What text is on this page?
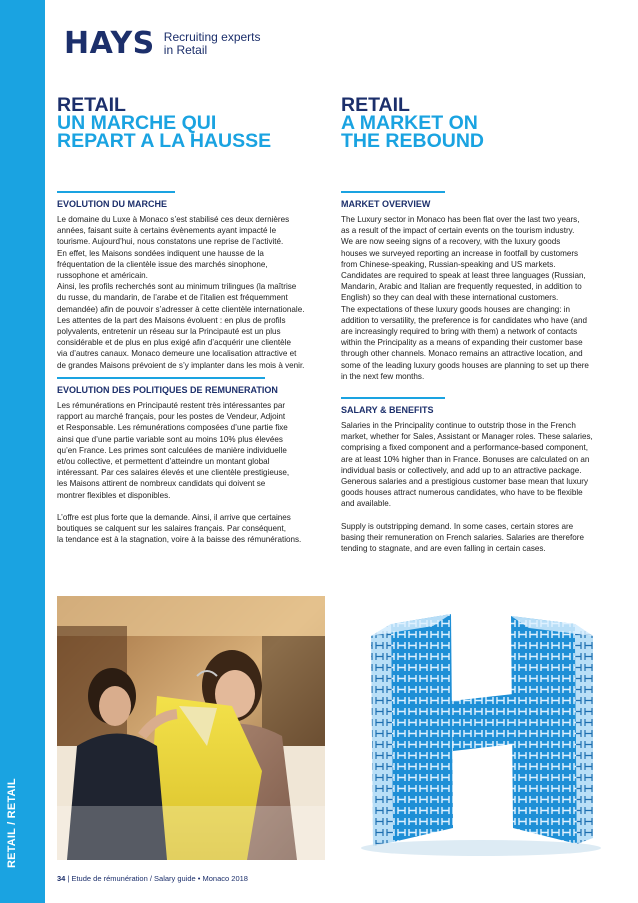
RETAIL / RETAIL
HAYS Recruiting experts
in Retail
RETAIL
UN MARCHE QUI
REPART A LA HAUSSE
EVOLUTION DU MARCHE
Le domaine du Luxe à Monaco s’est stabilisé ces deux dernières
années, faisant suite à certains évènements ayant impacté le
tourisme. Aujourd’hui, nous constatons une reprise de l’activité.
En effet, les Maisons sondées indiquent une hausse de la
fréquentation de la clientèle issue des marchés sinophone,
russophone et américain.
Ainsi, les profils recherchés sont au minimum trilingues (la maîtrise
du russe, du mandarin, de l’arabe et de l’italien est fréquemment
demandée) afin de pouvoir s’adresser à cette clientèle internationale.
Les attentes de la part des Maisons évoluent : en plus de profils
polyvalents, entretenir un réseau sur la Principauté est un plus
considérable et de plus en plus exigé afin d’acquérir une clientèle
via d’autres canaux. Monaco demeure une localisation attractive et
de grandes Maisons prévoient de s’y implanter dans les mois à venir.
EVOLUTION DES POLITIQUES DE REMUNERATION
Les rémunérations en Principauté restent très intéressantes par
rapport au marché français, pour les postes de Vendeur, Adjoint
et Responsable. Les rémunérations composées d’une partie fixe
ainsi que d’une partie variable sont au moins 10% plus élevées
qu’en France. Les primes sont calculées de manière individuelle
et/ou collective, et permettent d’atteindre un montant global
intéressant. Par ces salaires élevés et une clientèle prestigieuse,
les Maisons attirent de nombreux candidats qui doivent se
montrer flexibles et disponibles.
L’offre est plus forte que la demande. Ainsi, il arrive que certaines
boutiques se calquent sur les salaires français. Par conséquent,
la tendance est à la stagnation, voire à la baisse des rémunérations.
RETAIL
A MARKET ON
THE REBOUND
MARKET OVERVIEW
The Luxury sector in Monaco has been flat over the last two years,
as a result of the impact of certain events on the tourism industry.
We are now seeing signs of a recovery, with the luxury goods
houses we surveyed reporting an increase in footfall by customers
from Chinese-speaking, Russian-speaking and US markets.
Candidates are required to speak at least three languages (Russian,
Mandarin, Arabic and Italian are frequently requested, in addition to
English) so they can deal with these international customers.
The expectations of these luxury goods houses are changing: in
addition to versatility, the preference is for candidates who have (and
are increasingly required to bring with them) a network of contacts
within the Principality as a means of expanding their customer base
through other channels. Monaco remains an attractive location, and
some of the leading luxury goods houses are planning to set up there
in the next few months.
SALARY & BENEFITS
Salaries in the Principality continue to outstrip those in the French
market, whether for Sales, Assistant or Manager roles. These salaries,
comprising a fixed component and a performance-based component,
are at least 10% higher than in France. Bonuses are calculated on an
individual basis or collectively, and add up to an attractive package.
Generous salaries and a prestigious customer base mean that luxury
goods houses attract numerous candidates, who have to be flexible
and available.
Supply is outstripping demand. In some cases, certain stores are
basing their remuneration on French salaries. Salaries are therefore
tending to stagnate, and are even falling in certain cases.
34 | Etude de rémunération / Salary guide • Monaco 2018
